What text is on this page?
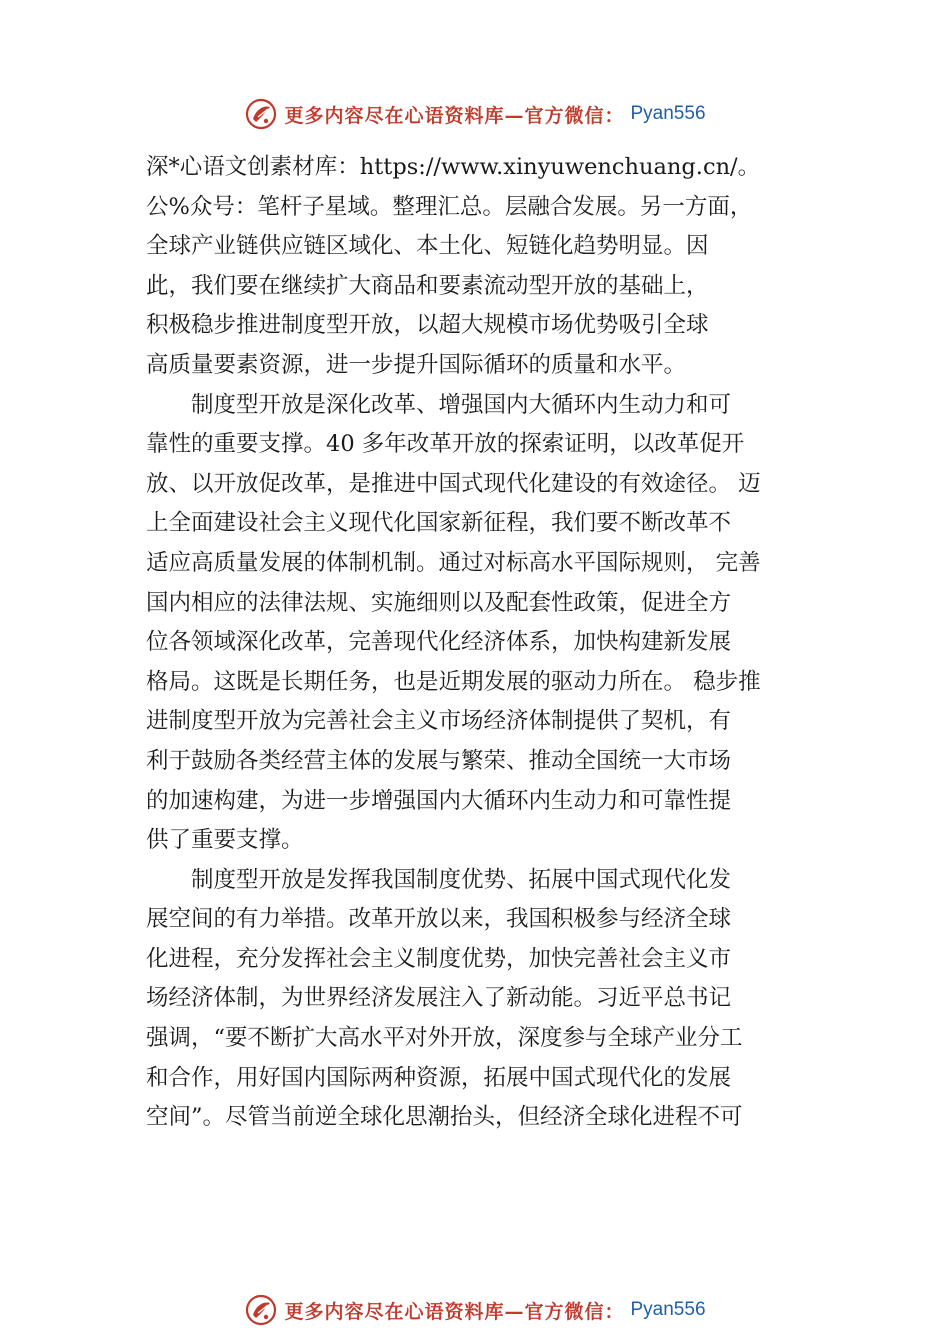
更多内容尽在心语资料库—官方微信： Pyan556

深*心语文创素材库：https://www.xinyuwenchuang.cn/。
公%众号：笔杆子星域。整理汇总。层融合发展。另一方面，
全球产业链供应链区域化、本土化、短链化趋势明显。因
此，我们要在继续扩大商品和要素流动型开放的基础上，
积极稳步推进制度型开放，以超大规模市场优势吸引全球
高质量要素资源，进一步提升国际循环的质量和水平。

制度型开放是深化改革、增强国内大循环内生动力和可
靠性的重要支撑。40 多年改革开放的探索证明，以改革促开
放、以开放促改革，是推进中国式现代化建设的有效途径。 迈
上全面建设社会主义现代化国家新征程，我们要不断改革不
适应高质量发展的体制机制。通过对标高水平国际规则， 完善
国内相应的法律法规、实施细则以及配套性政策，促进全方
位各领域深化改革，完善现代化经济体系，加快构建新发展
格局。这既是长期任务，也是近期发展的驱动力所在。 稳步推
进制度型开放为完善社会主义市场经济体制提供了契机，有
利于鼓励各类经营主体的发展与繁荣、推动全国统一大市场
的加速构建，为进一步增强国内大循环内生动力和可靠性提
供了重要支撑。

制度型开放是发挥我国制度优势、拓展中国式现代化发
展空间的有力举措。改革开放以来，我国积极参与经济全球
化进程，充分发挥社会主义制度优势，加快完善社会主义市
场经济体制，为世界经济发展注入了新动能。习近平总书记
强调，“要不断扩大高水平对外开放，深度参与全球产业分工
和合作，用好国内国际两种资源，拓展中国式现代化的发展
空间”。尽管当前逆全球化思潮抬头，但经济全球化进程不可

更多内容尽在心语资料库—官方微信： Pyan556
